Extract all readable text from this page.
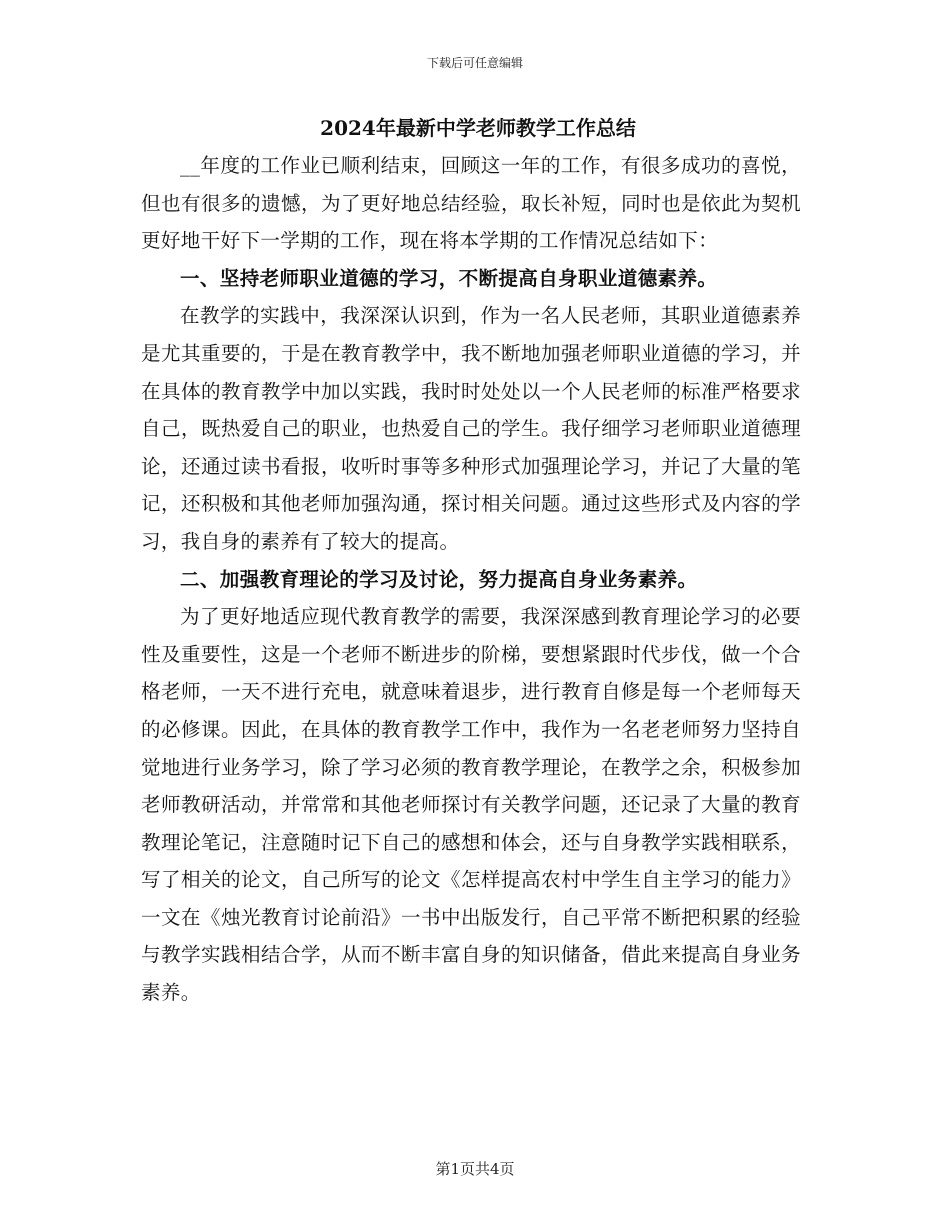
下载后可任意编辑
2024年最新中学老师教学工作总结

__年度的工作业已顺利结束，回顾这一年的工作，有很多成功的喜悦，但也有很多的遗憾，为了更好地总结经验，取长补短，同时也是依此为契机更好地干好下一学期的工作，现在将本学期的工作情况总结如下：

一、坚持老师职业道德的学习，不断提高自身职业道德素养。

在教学的实践中，我深深认识到，作为一名人民老师，其职业道德素养是尤其重要的，于是在教育教学中，我不断地加强老师职业道德的学习，并在具体的教育教学中加以实践，我时时处处以一个人民老师的标准严格要求自己，既热爱自己的职业，也热爱自己的学生。我仔细学习老师职业道德理论，还通过读书看报，收听时事等多种形式加强理论学习，并记了大量的笔记，还积极和其他老师加强沟通，探讨相关问题。通过这些形式及内容的学习，我自身的素养有了较大的提高。

二、加强教育理论的学习及讨论，努力提高自身业务素养。

为了更好地适应现代教育教学的需要，我深深感到教育理论学习的必要性及重要性，这是一个老师不断进步的阶梯，要想紧跟时代步伐，做一个合格老师，一天不进行充电，就意味着退步，进行教育自修是每一个老师每天的必修课。因此，在具体的教育教学工作中，我作为一名老老师努力坚持自觉地进行业务学习，除了学习必须的教育教学理论，在教学之余，积极参加老师教研活动，并常常和其他老师探讨有关教学问题，还记录了大量的教育教理论笔记，注意随时记下自己的感想和体会，还与自身教学实践相联系，写了相关的论文，自己所写的论文《怎样提高农村中学生自主学习的能力》一文在《烛光教育讨论前沿》一书中出版发行，自己平常不断把积累的经验与教学实践相结合学，从而不断丰富自身的知识储备，借此来提高自身业务素养。

第1页共4页
